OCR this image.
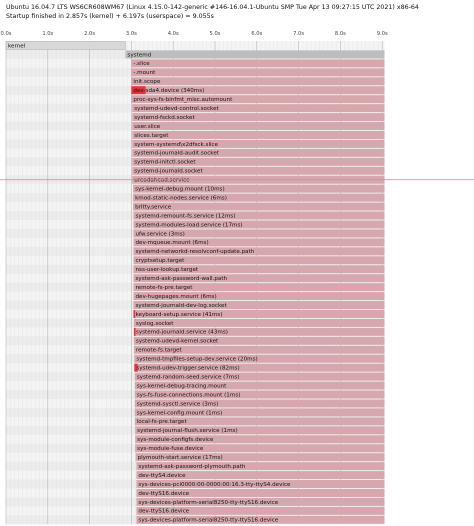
Ubuntu 16.04.7 LTS WS6CR608WM67 (Linux 4.15.0-142-generic #146-16.04.1-Ubuntu SMP Tue Apr 13 09:27:15 UTC 2021) x86-64
Startup finished in 2.857s (kernel) + 6.197s (userspace) = 9.055s
0.0s	1.0s	2.0s	3.0s	4.0s	5.0s	6.0s	7.0s	8.0s	9.0s
kernel
systemd
-.slice
-.mount
init.scope
dev-sda4.device (340ms)
proc-sys-fs-binfmt_misc.automount
systemd-udevd-control.socket
systemd-fsckd.socket
user.slice
slices.target
system-systemd\x2dfsck.slice
systemd-journald-audit.socket
systemd-initctl.socket
systemd-journald.socket
ureadahead.service
sys-kernel-debug.mount (10ms)
kmod-static-nodes.service (6ms)
brltty.service
systemd-remount-fs.service (12ms)
systemd-modules-load.service (17ms)
ufw.service (3ms)
dev-mqueue.mount (6ms)
systemd-networkd-resolvconf-update.path
cryptsetup.target
nss-user-lookup.target
systemd-ask-password-wall.path
remote-fs-pre.target
dev-hugepages.mount (6ms)
systemd-journald-dev-log.socket
keyboard-setup.service (41ms)
syslog.socket
systemd-journald.service (43ms)
systemd-udevd-kernel.socket
remote-fs.target
systemd-tmpfiles-setup-dev.service (20ms)
systemd-udev-trigger.service (82ms)
systemd-random-seed.service (7ms)
sys-kernel-debug-tracing.mount
sys-fs-fuse-connections.mount (1ms)
systemd-sysctl.service (3ms)
sys-kernel-config.mount (1ms)
local-fs-pre.target
systemd-journal-flush.service (1ms)
sys-module-configfs.device
sys-module-fuse.device
plymouth-start.service (17ms)
systemd-ask-password-plymouth.path
dev-ttyS4.device
sys-devices-pci0000:00-0000:00:16.3-tty-ttyS4.device
dev-ttyS16.device
sys-devices-platform-serial8250-tty-ttyS16.device
dev-ttyS16.device
sys-devices-platform-serial8250-tty-ttyS16.device
CSDN @熟练工
